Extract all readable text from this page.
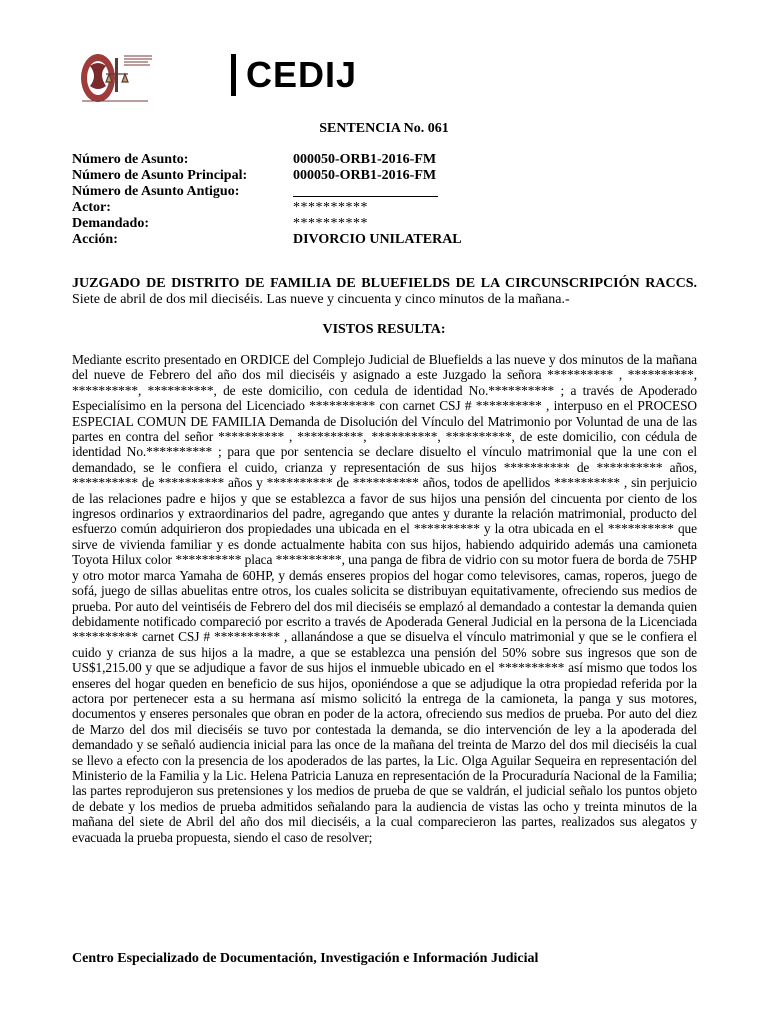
CEDIJ
SENTENCIA No. 061
Número de Asunto:	000050-ORB1-2016-FM
Número de Asunto Principal:	000050-ORB1-2016-FM
Número de Asunto Antiguo:
Actor:	**********
Demandado:	**********
Acción:	DIVORCIO UNILATERAL
JUZGADO DE DISTRITO DE FAMILIA DE BLUEFIELDS DE LA CIRCUNSCRIPCIÓN RACCS. Siete de abril de dos mil dieciséis. Las nueve y cincuenta y cinco minutos de la mañana.-
VISTOS RESULTA:
Mediante escrito presentado en ORDICE del Complejo Judicial de Bluefields a las nueve y dos minutos de la mañana del nueve de Febrero del año dos mil dieciséis y asignado a este Juzgado la señora ********** , **********, **********, **********, de este domicilio, con cedula de identidad No.********** ; a través de Apoderado Especialísimo en la persona del Licenciado ********** con carnet CSJ # ********** , interpuso en el PROCESO ESPECIAL COMUN DE FAMILIA Demanda de Disolución del Vínculo del Matrimonio por Voluntad de una de las partes en contra del señor ********** , **********, **********, **********, de este domicilio, con cédula de identidad No.********** ; para que por sentencia se declare disuelto el vínculo matrimonial que la une con el demandado, se le confiera el cuido, crianza y representación de sus hijos ********** de ********** años, ********** de ********** años y ********** de ********** años, todos de apellidos ********** , sin perjuicio de las relaciones padre e hijos y que se establezca a favor de sus hijos una pensión del cincuenta por ciento de los ingresos ordinarios y extraordinarios del padre, agregando que antes y durante la relación matrimonial, producto del esfuerzo común adquirieron dos propiedades una ubicada en el ********** y la otra ubicada en el ********** que sirve de vivienda familiar y es donde actualmente habita con sus hijos, habiendo adquirido además una camioneta Toyota Hilux color ********** placa **********, una panga de fibra de vidrio con su motor fuera de borda de 75HP y otro motor marca Yamaha de 60HP, y demás enseres propios del hogar como televisores, camas, roperos, juego de sofá, juego de sillas abuelitas entre otros, los cuales solicita se distribuyan equitativamente, ofreciendo sus medios de prueba. Por auto del veintiséis de Febrero del dos mil dieciséis se emplazó al demandado a contestar la demanda quien debidamente notificado compareció por escrito a través de Apoderada General Judicial en la persona de la Licenciada ********** carnet CSJ # ********** , allanándose a que se disuelva el vínculo matrimonial y que se le confiera el cuido y crianza de sus hijos a la madre, a que se establezca una pensión del 50% sobre sus ingresos que son de US$1,215.00 y que se adjudique a favor de sus hijos el inmueble ubicado en el ********** así mismo que todos los enseres del hogar queden en beneficio de sus hijos, oponiéndose a que se adjudique la otra propiedad referida por la actora por pertenecer esta a su hermana así mismo solicitó la entrega de la camioneta, la panga y sus motores, documentos y enseres personales que obran en poder de la actora, ofreciendo sus medios de prueba. Por auto del diez de Marzo del dos mil dieciséis se tuvo por contestada la demanda, se dio intervención de ley a la apoderada del demandado y se señaló audiencia inicial para las once de la mañana del treinta de Marzo del dos mil dieciséis la cual se llevo a efecto con la presencia de los apoderados de las partes, la Lic. Olga Aguilar Sequeira en representación del Ministerio de la Familia y la Lic. Helena Patricia Lanuza en representación de la Procuraduría Nacional de la Familia; las partes reprodujeron sus pretensiones y los medios de prueba de que se valdrán, el judicial señalo los puntos objeto de debate y los medios de prueba admitidos señalando para la audiencia de vistas las ocho y treinta minutos de la mañana del siete de Abril del año dos mil dieciséis, a la cual comparecieron las partes, realizados sus alegatos y evacuada la prueba propuesta, siendo el caso de resolver;
Centro Especializado de Documentación, Investigación e Información Judicial
